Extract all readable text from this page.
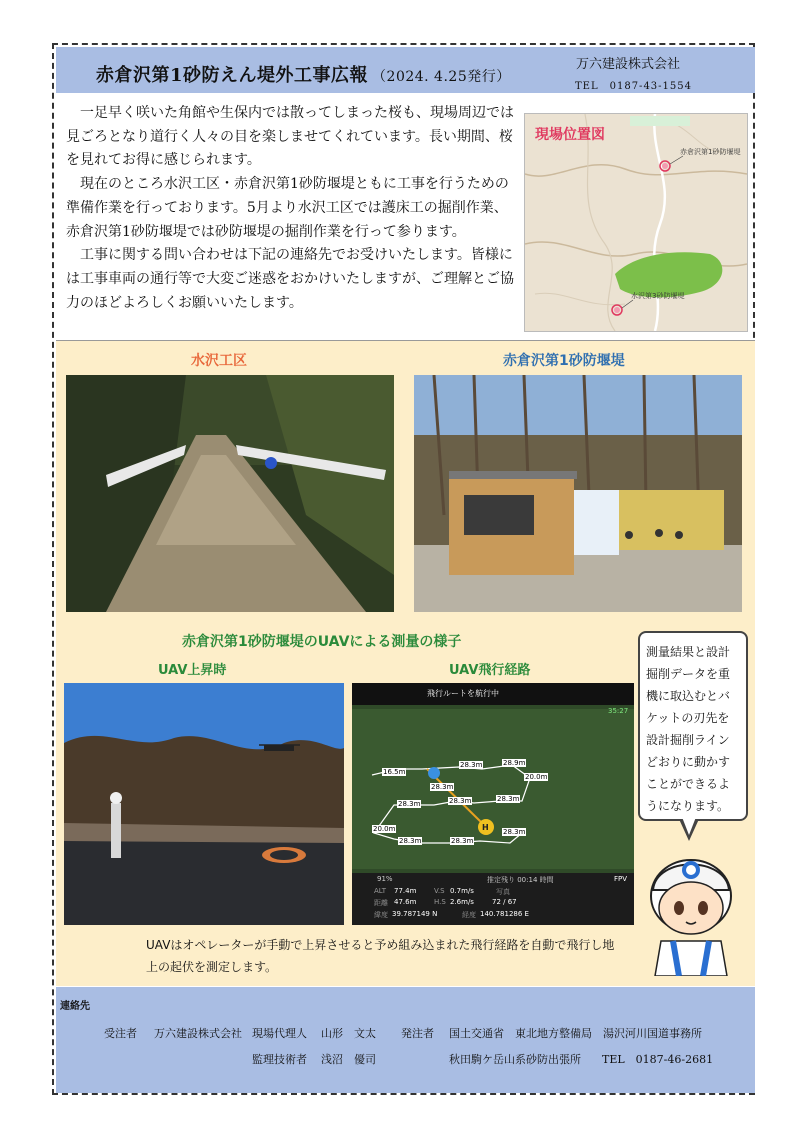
赤倉沢第1砂防えん堤外工事広報 （2024. 4.25発行）
万六建設株式会社
TEL　0187-43-1554

一足早く咲いた角館や生保内では散ってしまった桜も、現場周辺では見ごろとなり道行く人々の目を楽しませてくれています。長い期間、桜を見れてお得に感じられます。

現在のところ水沢工区・赤倉沢第1砂防堰堤ともに工事を行うための準備作業を行っております。5月より水沢工区では護床工の掘削作業、赤倉沢第1砂防堰堤では砂防堰堤の掘削作業を行って参ります。

工事に関する問い合わせは下記の連絡先でお受けいたします。皆様には工事車両の通行等で大変ご迷惑をおかけいたしますが、ご理解とご協力のほどよろしくお願いいたします。

現場位置図
赤倉沢第1砂防堰堤
水沢第3砂防堰堤
水沢工区	赤倉沢第1砂防堰堤
赤倉沢第1砂防堰堤のUAVによる測量の様子
UAV上昇時	UAV飛行経路
飛行ルートを航行中
35:27
H
16.5m
28.3m	28.9m
20.0m
28.3m
28.3m
28.3m
20.0m
28.3m	28.3m
28.3m
28.3m
91%	推定残り 00:14 時間
ALT 77.4m	V.S 0.7m/s	写真
距離 47.6m	H.S 2.6m/s	72 / 67
緯度 39.787149 N	経度 140.781286 E
FPV
測量結果と設計掘削データを重機に取込むとバケットの刃先を設計掘削ラインどおりに動かすことができるようになります。
UAVはオペレーターが手動で上昇させると予め組み込まれた飛行経路を自動で飛行し地上の起伏を測定します。
連絡先
受注者 万六建設株式会社 現場代理人 山形　文太 発注者 国土交通省　東北地方整備局　湯沢河川国道事務所
監理技術者 浅沼　優司	秋田駒ケ岳山系砂防出張所 TEL　0187-46-2681
